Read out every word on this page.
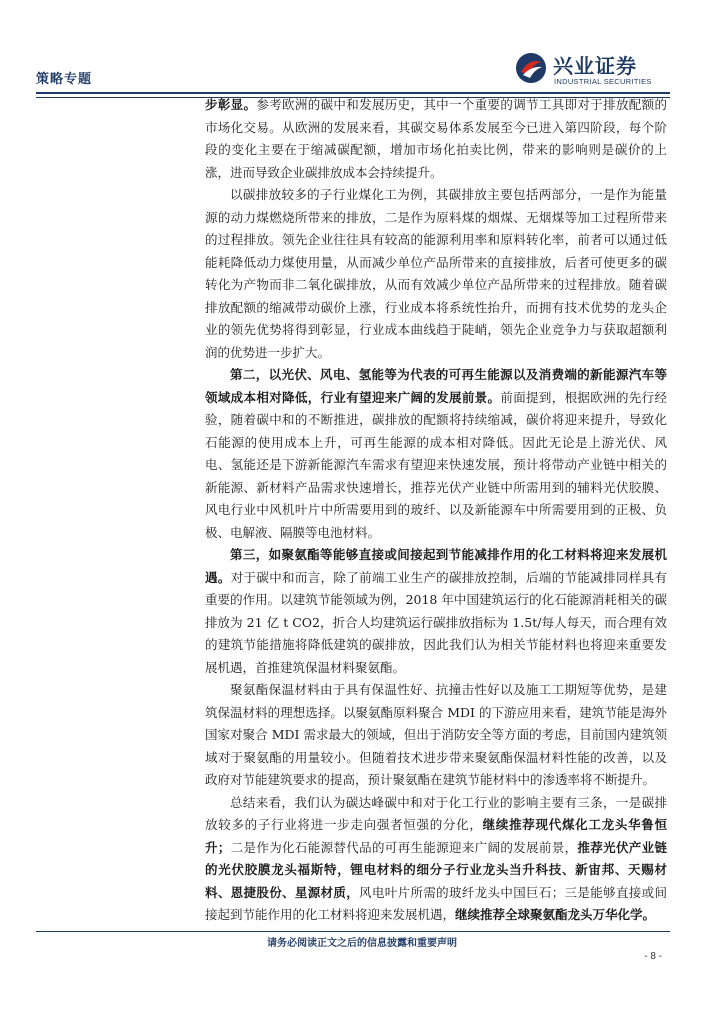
策略专题
兴业证券
INDUSTRIAL SECURITIES

步彰显。参考欧洲的碳中和发展历史，其中一个重要的调节工具即对于排放配额的市场化交易。从欧洲的发展来看，其碳交易体系发展至今已进入第四阶段，每个阶段的变化主要在于缩减碳配额，增加市场化拍卖比例，带来的影响则是碳价的上涨，进而导致企业碳排放成本会持续提升。

以碳排放较多的子行业煤化工为例，其碳排放主要包括两部分，一是作为能量源的动力煤燃烧所带来的排放，二是作为原料煤的烟煤、无烟煤等加工过程所带来的过程排放。领先企业往往具有较高的能源利用率和原料转化率，前者可以通过低能耗降低动力煤使用量，从而减少单位产品所带来的直接排放，后者可使更多的碳转化为产物而非二氧化碳排放，从而有效减少单位产品所带来的过程排放。随着碳排放配额的缩减带动碳价上涨，行业成本将系统性抬升，而拥有技术优势的龙头企业的领先优势将得到彰显，行业成本曲线趋于陡峭，领先企业竞争力与获取超额利润的优势进一步扩大。

第二，以光伏、风电、氢能等为代表的可再生能源以及消费端的新能源汽车等领域成本相对降低，行业有望迎来广阔的发展前景。前面提到，根据欧洲的先行经验，随着碳中和的不断推进，碳排放的配额将持续缩减，碳价将迎来提升，导致化石能源的使用成本上升，可再生能源的成本相对降低。因此无论是上游光伏、风电、氢能还是下游新能源汽车需求有望迎来快速发展，预计将带动产业链中相关的新能源、新材料产品需求快速增长，推荐光伏产业链中所需用到的辅料光伏胶膜、风电行业中风机叶片中所需要用到的玻纤、以及新能源车中所需要用到的正极、负极、电解液、隔膜等电池材料。

第三，如聚氨酯等能够直接或间接起到节能减排作用的化工材料将迎来发展机遇。对于碳中和而言，除了前端工业生产的碳排放控制，后端的节能减排同样具有重要的作用。以建筑节能领域为例，2018 年中国建筑运行的化石能源消耗相关的碳排放为 21 亿 t CO2，折合人均建筑运行碳排放指标为 1.5t/每人每天，而合理有效的建筑节能措施将降低建筑的碳排放，因此我们认为相关节能材料也将迎来重要发展机遇，首推建筑保温材料聚氨酯。

聚氨酯保温材料由于具有保温性好、抗撞击性好以及施工工期短等优势，是建筑保温材料的理想选择。以聚氨酯原料聚合 MDI 的下游应用来看，建筑节能是海外国家对聚合 MDI 需求最大的领域，但出于消防安全等方面的考虑，目前国内建筑领域对于聚氨酯的用量较小。但随着技术进步带来聚氨酯保温材料性能的改善，以及政府对节能建筑要求的提高，预计聚氨酯在建筑节能材料中的渗透率将不断提升。

总结来看，我们认为碳达峰碳中和对于化工行业的影响主要有三条，一是碳排放较多的子行业将进一步走向强者恒强的分化，继续推荐现代煤化工龙头华鲁恒升；二是作为化石能源替代品的可再生能源迎来广阔的发展前景，推荐光伏产业链的光伏胶膜龙头福斯特，锂电材料的细分子行业龙头当升科技、新宙邦、天赐材料、恩捷股份、星源材质，风电叶片所需的玻纤龙头中国巨石；三是能够直接或间接起到节能作用的化工材料将迎来发展机遇，继续推荐全球聚氨酯龙头万华化学。

请务必阅读正文之后的信息披露和重要声明
- 8 -
